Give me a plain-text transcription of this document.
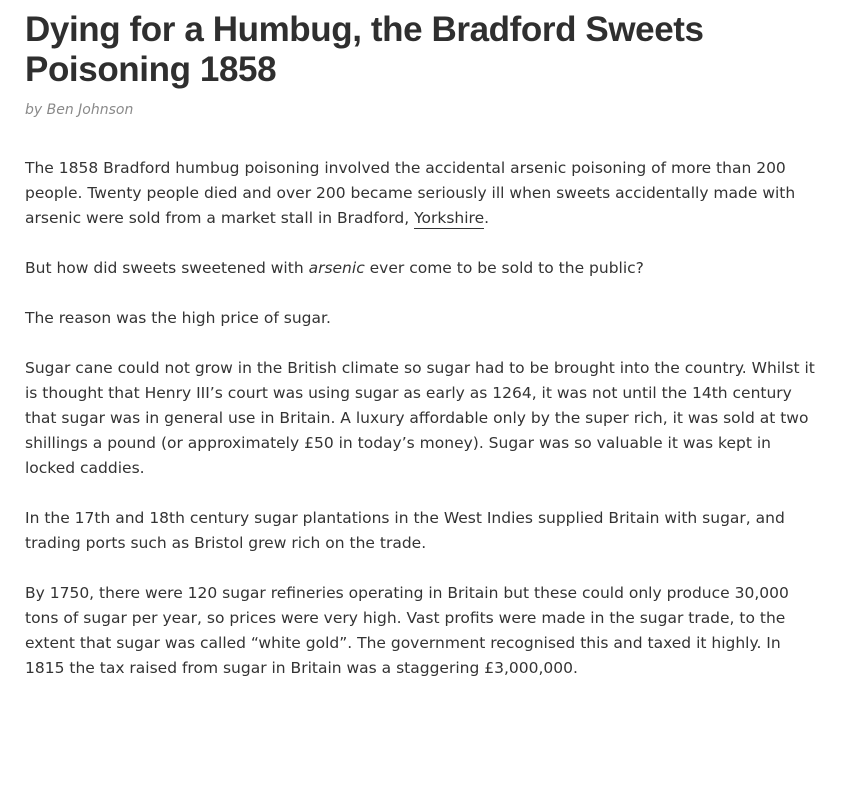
Dying for a Humbug, the Bradford Sweets Poisoning 1858
by Ben Johnson

The 1858 Bradford humbug poisoning involved the accidental arsenic poisoning of more than 200 people. Twenty people died and over 200 became seriously ill when sweets accidentally made with arsenic were sold from a market stall in Bradford, Yorkshire.

But how did sweets sweetened with arsenic ever come to be sold to the public?

The reason was the high price of sugar.

Sugar cane could not grow in the British climate so sugar had to be brought into the country. Whilst it is thought that Henry III’s court was using sugar as early as 1264, it was not until the 14th century that sugar was in general use in Britain. A luxury affordable only by the super rich, it was sold at two shillings a pound (or approximately £50 in today’s money). Sugar was so valuable it was kept in locked caddies.

In the 17th and 18th century sugar plantations in the West Indies supplied Britain with sugar, and trading ports such as Bristol grew rich on the trade.

By 1750, there were 120 sugar refineries operating in Britain but these could only produce 30,000 tons of sugar per year, so prices were very high. Vast profits were made in the sugar trade, to the extent that sugar was called “white gold”. The government recognised this and taxed it highly. In 1815 the tax raised from sugar in Britain was a staggering £3,000,000.
